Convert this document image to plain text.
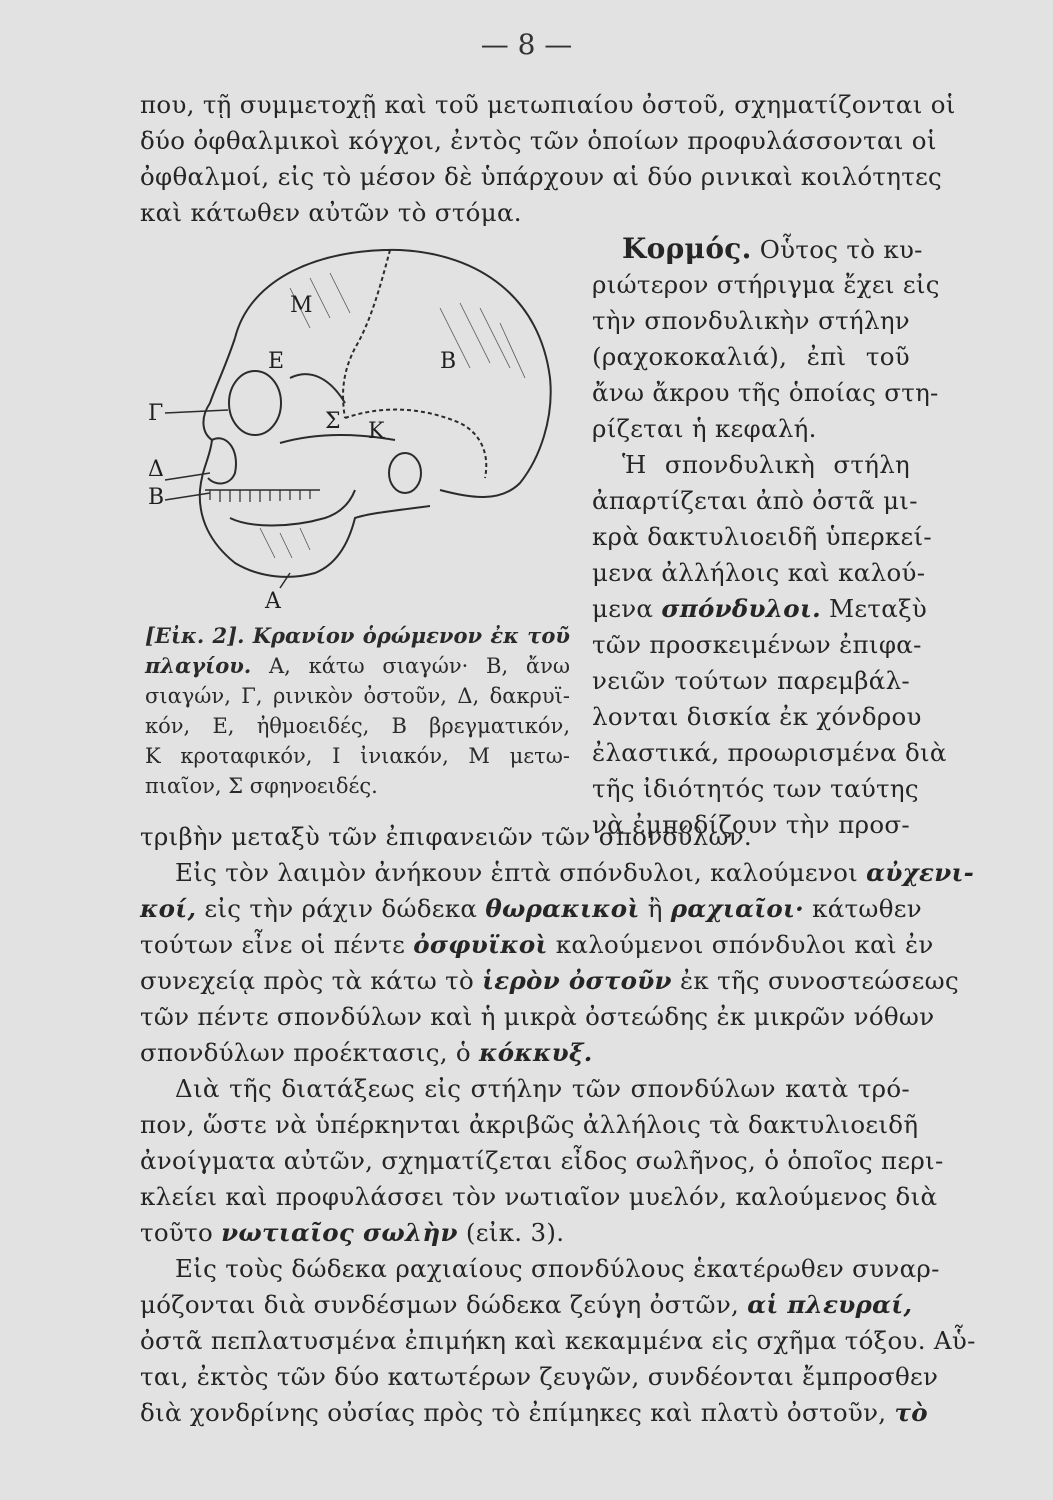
— 8 —
που, τῇ συμμετοχῇ καὶ τοῦ μετωπιαίου ὀστοῦ, σχηματίζονται οἱ
δύο ὀφθαλμικοὶ κόγχοι, ἐντὸς τῶν ὁποίων προφυλάσσονται οἱ
ὀφθαλμοί, εἰς τὸ μέσον δὲ ὑπάρχουν αἱ δύο ρινικαὶ κοιλότητες
καὶ κάτωθεν αὐτῶν τὸ στόμα.
Μ
Ε	Β
Γ	Σ Κ
Δ
Β
Α
Κορμός. Οὗτος τὸ κυ-
ριώτερον στήριγμα ἔχει εἰς
τὴν σπονδυλικὴν στήλην
(ραχοκοκαλιά), ἐπὶ τοῦ
ἄνω ἄκρου τῆς ὁποίας στη-
ρίζεται ἡ κεφαλή.
Ἡ σπονδυλικὴ στήλη
ἀπαρτίζεται ἀπὸ ὀστᾶ μι-
κρὰ δακτυλιοειδῆ ὑπερκεί-
μενα ἀλλήλοις καὶ καλού-
μενα σπόνδυλοι. Μεταξὺ
τῶν προσκειμένων ἐπιφα-
νειῶν τούτων παρεμβάλ-
λονται δισκία ἐκ χόνδρου
ἐλαστικά, προωρισμένα διὰ
τῆς ἰδιότητός των ταύτης
νὰ ἐμποδίζουν τὴν προσ-
[Εἰκ. 2]. Κρανίον ὁρώμενον ἐκ τοῦ
πλαγίου. Α, κάτω σιαγών· Β, ἄνω
σιαγών, Γ, ρινικὸν ὀστοῦν, Δ, δακρυϊ-
κόν, Ε, ἠθμοειδές, Β βρεγματικόν,
Κ κροταφικόν, Ι ἰνιακόν, Μ μετω-
πιαῖον, Σ σφηνοειδές.
τριβὴν μεταξὺ τῶν ἐπιφανειῶν τῶν σπονδύλων.
Εἰς τὸν λαιμὸν ἀνήκουν ἑπτὰ σπόνδυλοι, καλούμενοι αὐχενι-
κοί, εἰς τὴν ράχιν δώδεκα θωρακικοὶ ἢ ραχιαῖοι· κάτωθεν
τούτων εἶνε οἱ πέντε ὀσφυϊκοὶ καλούμενοι σπόνδυλοι καὶ ἐν
συνεχείᾳ πρὸς τὰ κάτω τὸ ἱερὸν ὀστοῦν ἐκ τῆς συνοστεώσεως
τῶν πέντε σπονδύλων καὶ ἡ μικρὰ ὀστεώδης ἐκ μικρῶν νόθων
σπονδύλων προέκτασις, ὁ κόκκυξ.
Διὰ τῆς διατάξεως εἰς στήλην τῶν σπονδύλων κατὰ τρό-
πον, ὥστε νὰ ὑπέρκηνται ἀκριβῶς ἀλλήλοις τὰ δακτυλιοειδῆ
ἀνοίγματα αὐτῶν, σχηματίζεται εἶδος σωλῆνος, ὁ ὁποῖος περι-
κλείει καὶ προφυλάσσει τὸν νωτιαῖον μυελόν, καλούμενος διὰ
τοῦτο νωτιαῖος σωλὴν (εἰκ. 3).
Εἰς τοὺς δώδεκα ραχιαίους σπονδύλους ἑκατέρωθεν συναρ-
μόζονται διὰ συνδέσμων δώδεκα ζεύγη ὀστῶν, αἱ πλευραί,
ὀστᾶ πεπλατυσμένα ἐπιμήκη καὶ κεκαμμένα εἰς σχῆμα τόξου. Αὗ-
ται, ἐκτὸς τῶν δύο κατωτέρων ζευγῶν, συνδέονται ἔμπροσθεν
διὰ χονδρίνης οὐσίας πρὸς τὸ ἐπίμηκες καὶ πλατὺ ὀστοῦν, τὸ
